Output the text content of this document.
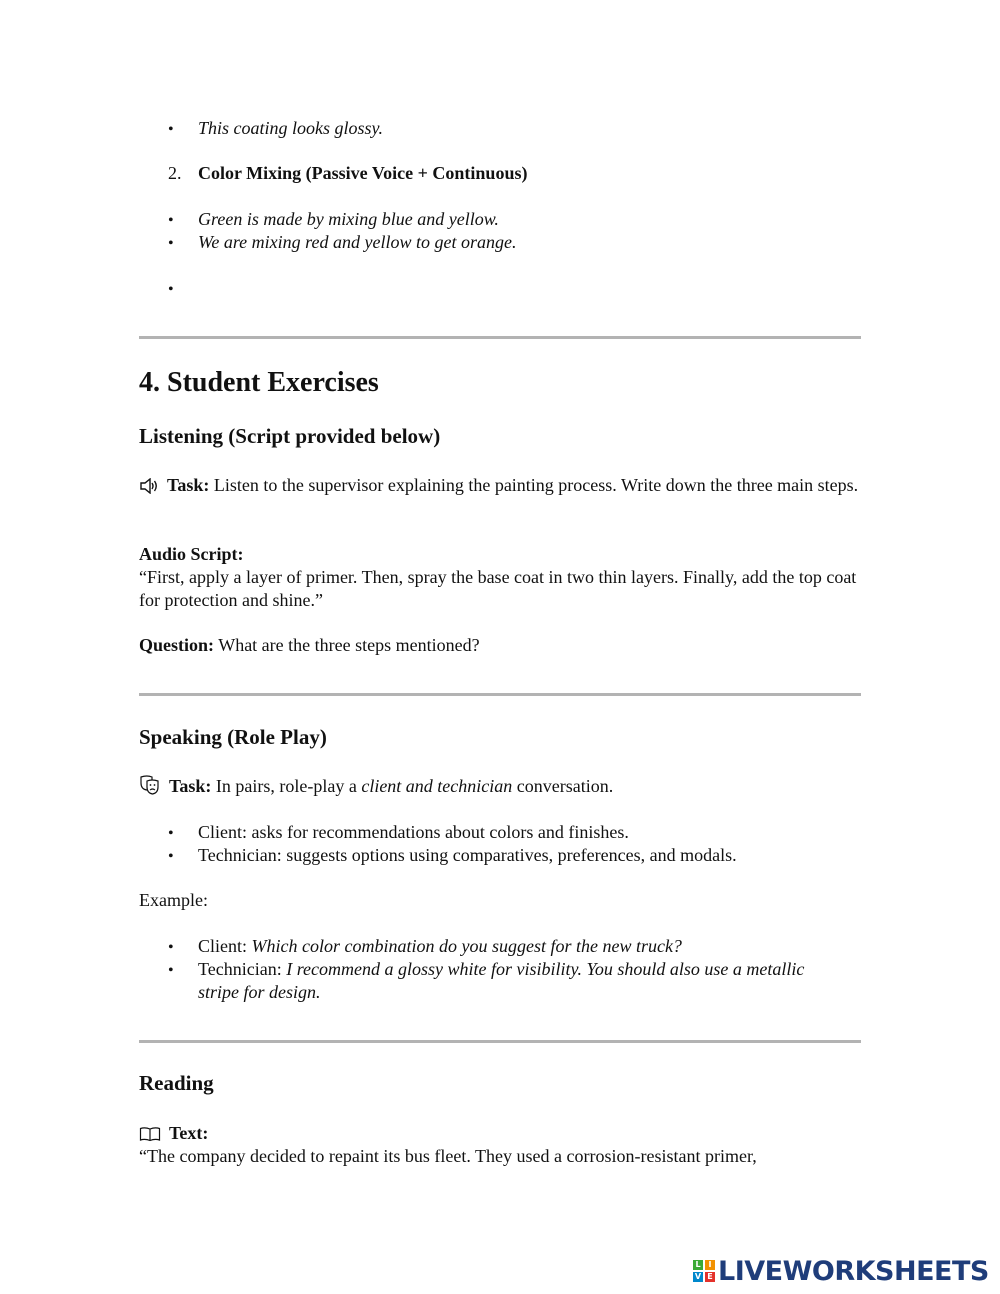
•
This coating looks glossy.
2. Color Mixing (Passive Voice + Continuous)
•
Green is made by mixing blue and yellow.
•
We are mixing red and yellow to get orange.
•
4. Student Exercises
Listening (Script provided below)
Task: Listen to the supervisor explaining the painting process. Write down the three main steps.
Audio Script:
“First, apply a layer of primer. Then, spray the base coat in two thin layers. Finally, add the top coat for protection and shine.”
Question: What are the three steps mentioned?
Speaking (Role Play)
Task: In pairs, role-play a client and technician conversation.
•
Client: asks for recommendations about colors and finishes.
•
Technician: suggests options using comparatives, preferences, and modals.
Example:
•
Client: Which color combination do you suggest for the new truck?
•
Technician: I recommend a glossy white for visibility. You should also use a metallic stripe for design.
Reading
Text:
“The company decided to repaint its bus fleet. They used a corrosion-resistant primer,
L I
V E LIVEWORKSHEETS
